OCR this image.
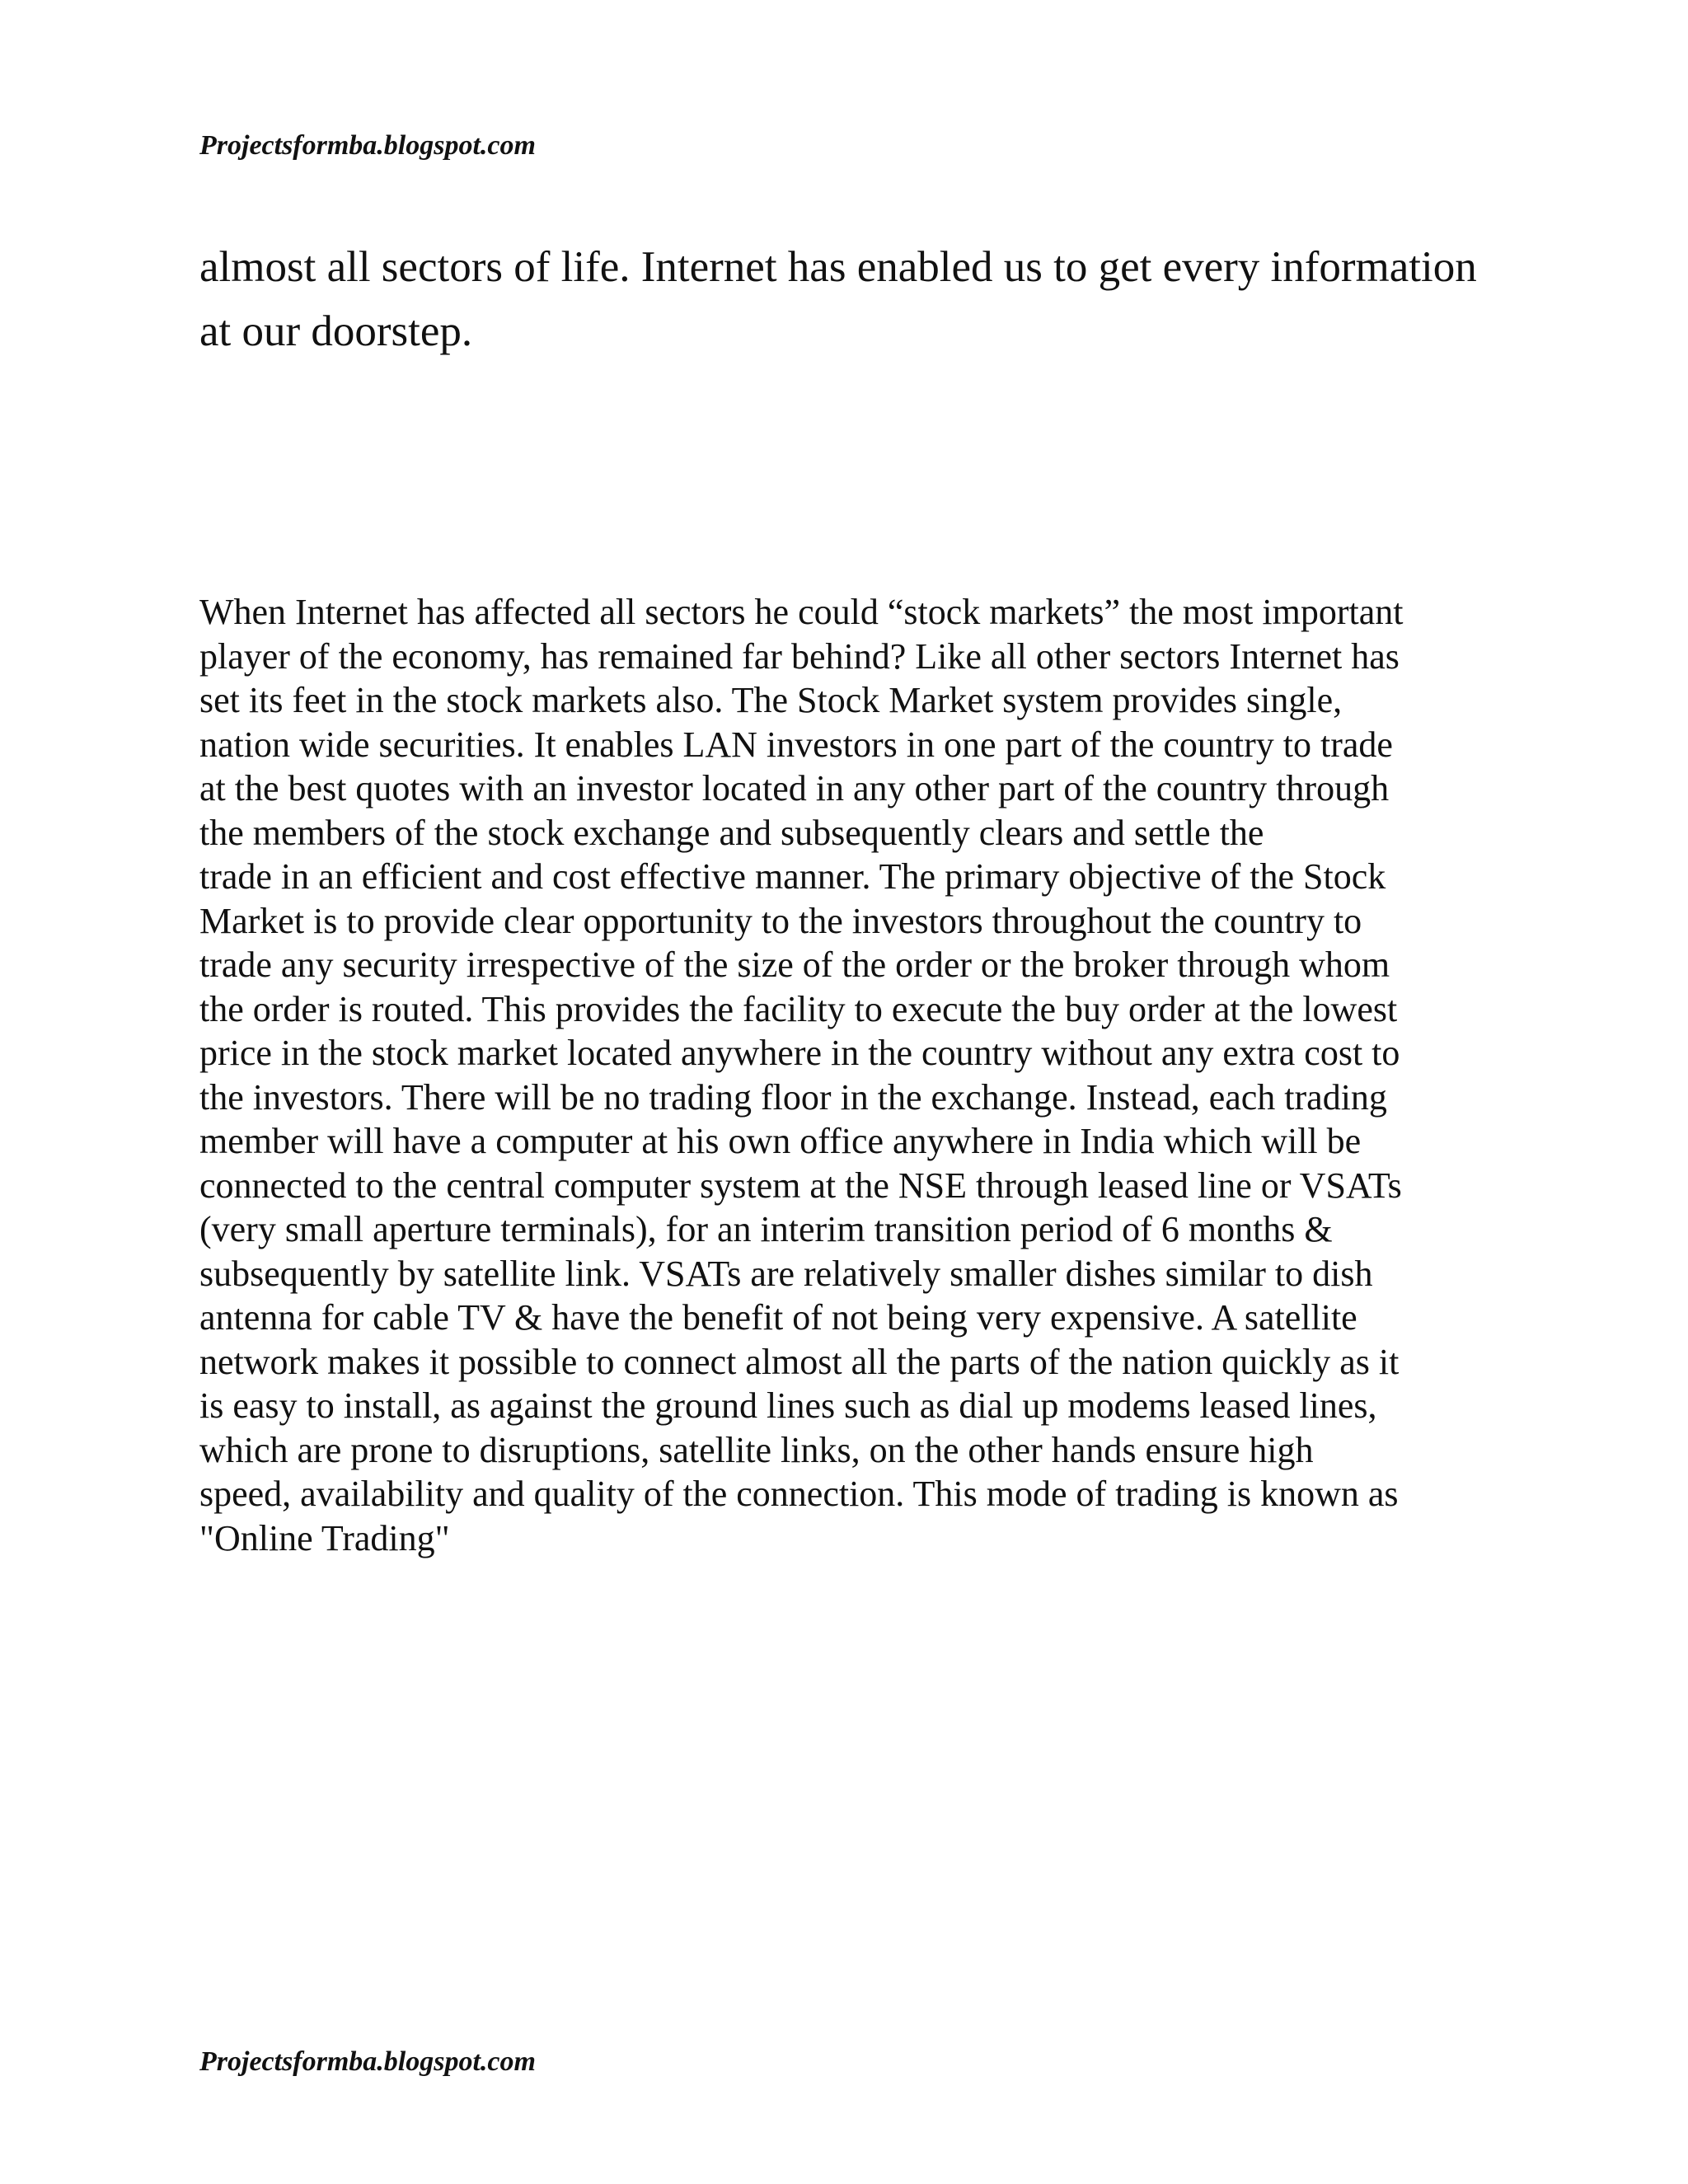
Projectsformba.blogspot.com
almost all sectors of life. Internet has enabled us to get every information
at our doorstep.
When Internet has affected all sectors he could “stock markets” the most important
player of the economy, has remained far behind? Like all other sectors Internet has
set its feet in the stock markets also. The Stock Market system provides single,
nation wide securities. It enables LAN investors in one part of the country to trade
at the best quotes with an investor located in any other part of the country through
the members of the stock exchange and subsequently clears and settle the
trade in an efficient and cost effective manner. The primary objective of the Stock
Market is to provide clear opportunity to the investors throughout the country to
trade any security irrespective of the size of the order or the broker through whom
the order is routed. This provides the facility to execute the buy order at the lowest
price in the stock market located anywhere in the country without any extra cost to
the investors. There will be no trading floor in the exchange. Instead, each trading
member will have a computer at his own office anywhere in India which will be
connected to the central computer system at the NSE through leased line or VSATs
(very small aperture terminals), for an interim transition period of 6 months &
subsequently by satellite link. VSATs are relatively smaller dishes similar to dish
antenna for cable TV & have the benefit of not being very expensive. A satellite
network makes it possible to connect almost all the parts of the nation quickly as it
is easy to install, as against the ground lines such as dial up modems leased lines,
which are prone to disruptions, satellite links, on the other hands ensure high
speed, availability and quality of the connection. This mode of trading is known as
"Online Trading"
Projectsformba.blogspot.com
